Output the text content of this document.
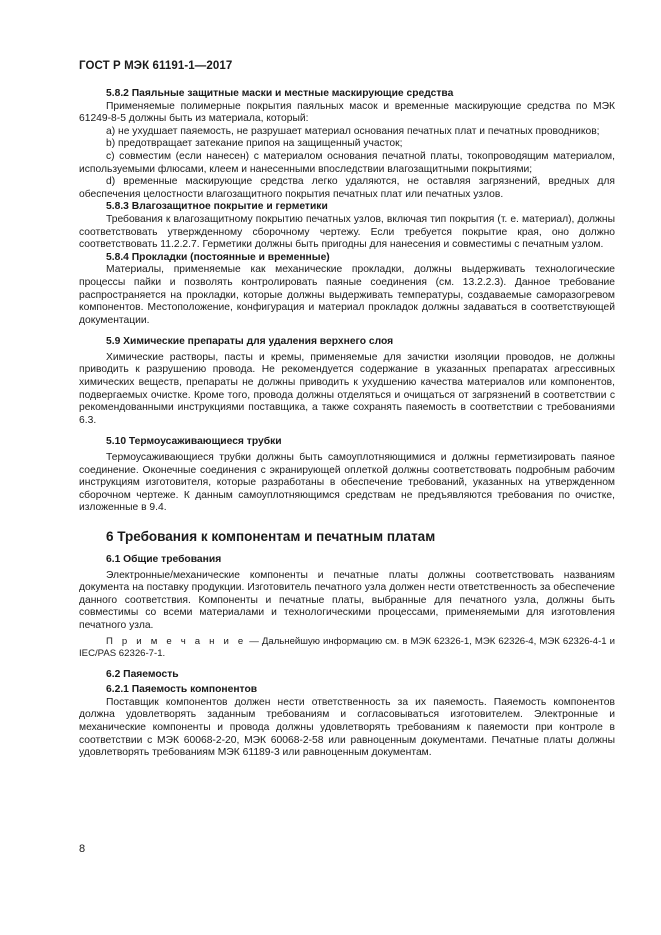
ГОСТ Р МЭК 61191-1—2017
5.8.2 Паяльные защитные маски и местные маскирующие средства

Применяемые полимерные покрытия паяльных масок и временные маскирующие средства по МЭК 61249-8-5 должны быть из материала, который:

a) не ухудшает паяемость, не разрушает материал основания печатных плат и печатных проводников;

b) предотвращает затекание припоя на защищенный участок;

c) совместим (если нанесен) с материалом основания печатной платы, токопроводящим материалом, используемыми флюсами, клеем и нанесенными впоследствии влагозащитными покрытиями;

d) временные маскирующие средства легко удаляются, не оставляя загрязнений, вредных для обеспечения целостности влагозащитного покрытия печатных плат или печатных узлов.

5.8.3 Влагозащитное покрытие и герметики

Требования к влагозащитному покрытию печатных узлов, включая тип покрытия (т. е. материал), должны соответствовать утвержденному сборочному чертежу. Если требуется покрытие края, оно должно соответствовать 11.2.2.7. Герметики должны быть пригодны для нанесения и совместимы с печатным узлом.

5.8.4 Прокладки (постоянные и временные)

Материалы, применяемые как механические прокладки, должны выдерживать технологические процессы пайки и позволять контролировать паяные соединения (см. 13.2.2.3). Данное требование распространяется на прокладки, которые должны выдерживать температуры, создаваемые саморазогревом компонентов. Местоположение, конфигурация и материал прокладок должны задаваться в соответствующей документации.

5.9 Химические препараты для удаления верхнего слоя

Химические растворы, пасты и кремы, применяемые для зачистки изоляции проводов, не должны приводить к разрушению провода. Не рекомендуется содержание в указанных препаратах агрессивных химических веществ, препараты не должны приводить к ухудшению качества материалов или компонентов, подвергаемых очистке. Кроме того, провода должны отделяться и очищаться от загрязнений в соответствии с рекомендованными инструкциями поставщика, а также сохранять паяемость в соответствии с требованиями 6.3.

5.10 Термоусаживающиеся трубки

Термоусаживающиеся трубки должны быть самоуплотняющимися и должны герметизировать паяное соединение. Оконечные соединения с экранирующей оплеткой должны соответствовать подробным рабочим инструкциям изготовителя, которые разработаны в обеспечение требований, указанных на утвержденном сборочном чертеже. К данным самоуплотняющимся средствам не предъявляются требования по очистке, изложенные в 9.4.

6 Требования к компонентам и печатным платам
6.1 Общие требования

Электронные/механические компоненты и печатные платы должны соответствовать названиям документа на поставку продукции. Изготовитель печатного узла должен нести ответственность за обеспечение данного соответствия. Компоненты и печатные платы, выбранные для печатного узла, должны быть совместимы со всеми материалами и технологическими процессами, применяемыми для изготовления печатного узла.

П р и м е ч а н и е — Дальнейшую информацию см. в МЭК 62326-1, МЭК 62326-4, МЭК 62326-4-1 и IEC/PAS 62326-7-1.

6.2 Паяемость
6.2.1 Паяемость компонентов

Поставщик компонентов должен нести ответственность за их паяемость. Паяемость компонентов должна удовлетворять заданным требованиям и согласовываться изготовителем. Электронные и механические компоненты и провода должны удовлетворять требованиям к паяемости при контроле в соответствии с МЭК 60068-2-20, МЭК 60068-2-58 или равноценным документами. Печатные платы должны удовлетворять требованиям МЭК 61189-3 или равноценным документам.

8
